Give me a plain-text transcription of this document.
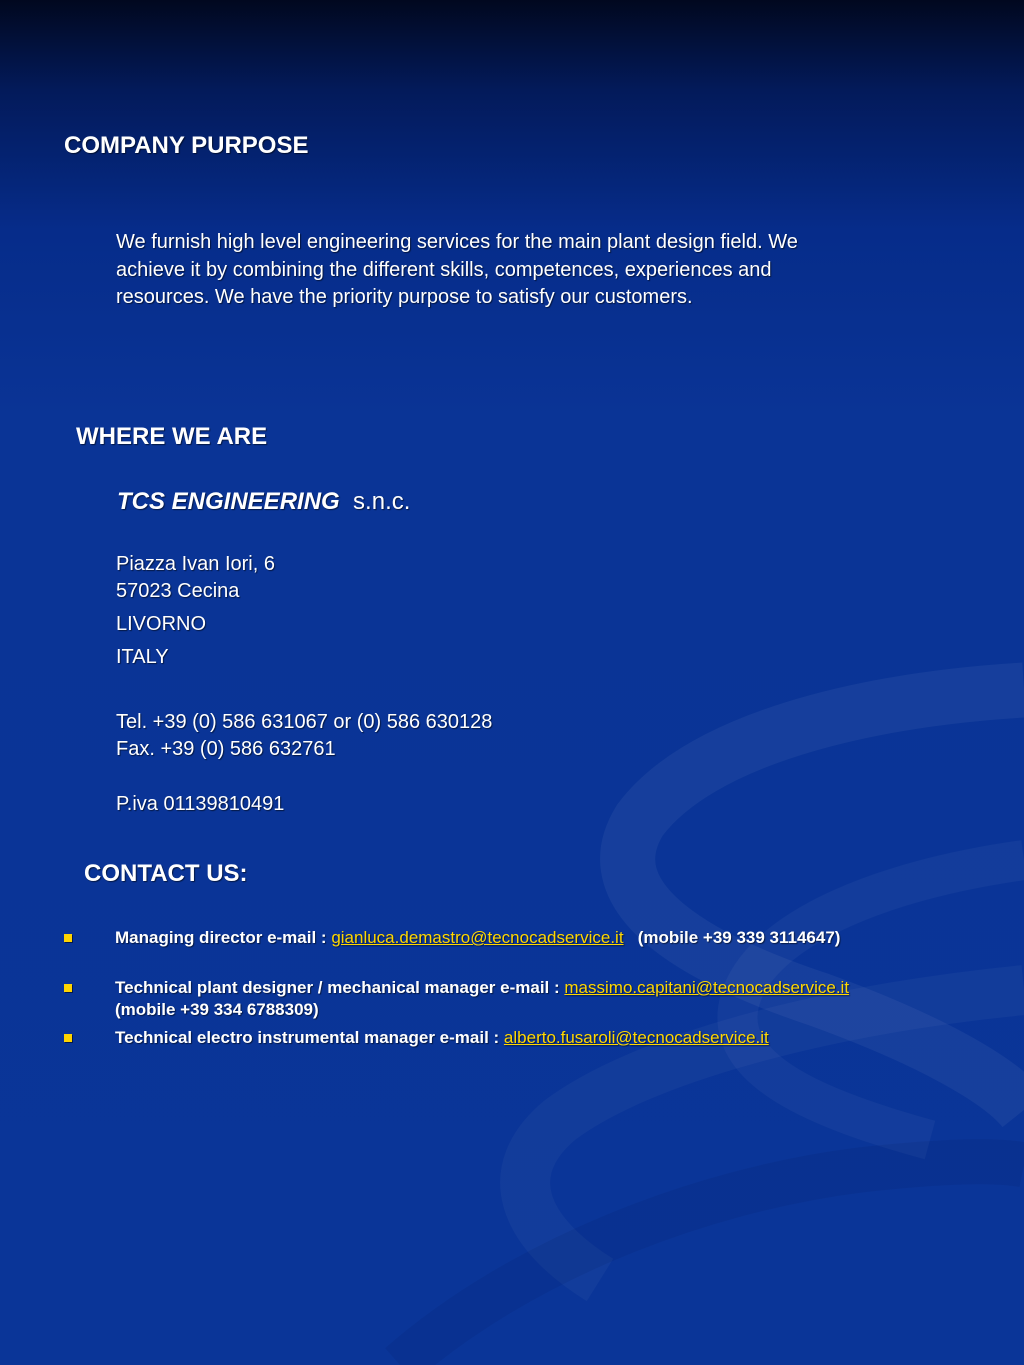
COMPANY PURPOSE
We furnish high level engineering services for the main plant design field. We
achieve it by combining the different skills, competences, experiences and
resources. We have the priority purpose to satisfy our customers.
WHERE WE ARE
TCS ENGINEERING s.n.c.
Piazza Ivan Iori, 6
57023 Cecina
LIVORNO
ITALY
Tel. +39 (0) 586 631067 or (0) 586 630128
Fax. +39 (0) 586 632761
P.iva 01139810491
CONTACT US:
Managing director e-mail : gianluca.demastro@tecnocadservice.it (mobile +39 339 3114647)
Technical plant designer / mechanical manager e-mail : massimo.capitani@tecnocadservice.it
(mobile +39 334 6788309)
Technical electro instrumental manager e-mail : alberto.fusaroli@tecnocadservice.it
